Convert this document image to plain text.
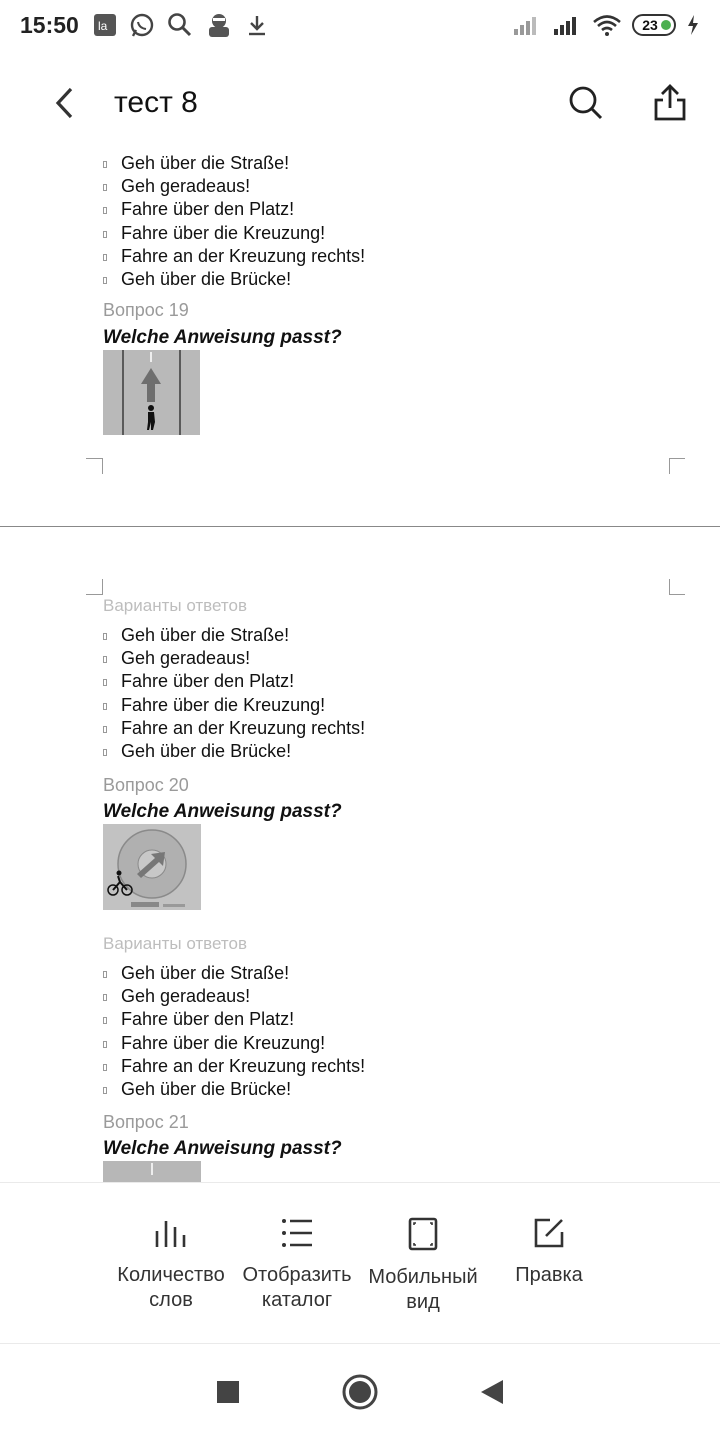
15:50 la	23
тест 8
Geh über die Straße!
Geh geradeaus!
Fahre über den Platz!
Fahre über die Kreuzung!
Fahre an der Kreuzung rechts!
Geh über die Brücke!

Вопрос 19

Welche Anweisung passt?

Варианты ответов

Geh über die Straße!
Geh geradeaus!
Fahre über den Platz!
Fahre über die Kreuzung!
Fahre an der Kreuzung rechts!
Geh über die Brücke!

Вопрос 20

Welche Anweisung passt?

Варианты ответов

Geh über die Straße!
Geh geradeaus!
Fahre über den Platz!
Fahre über die Kreuzung!
Fahre an der Kreuzung rechts!
Geh über die Brücke!

Вопрос 21

Welche Anweisung passt?

Количество слов
Отобразить каталог
Мобильный вид
Правка
